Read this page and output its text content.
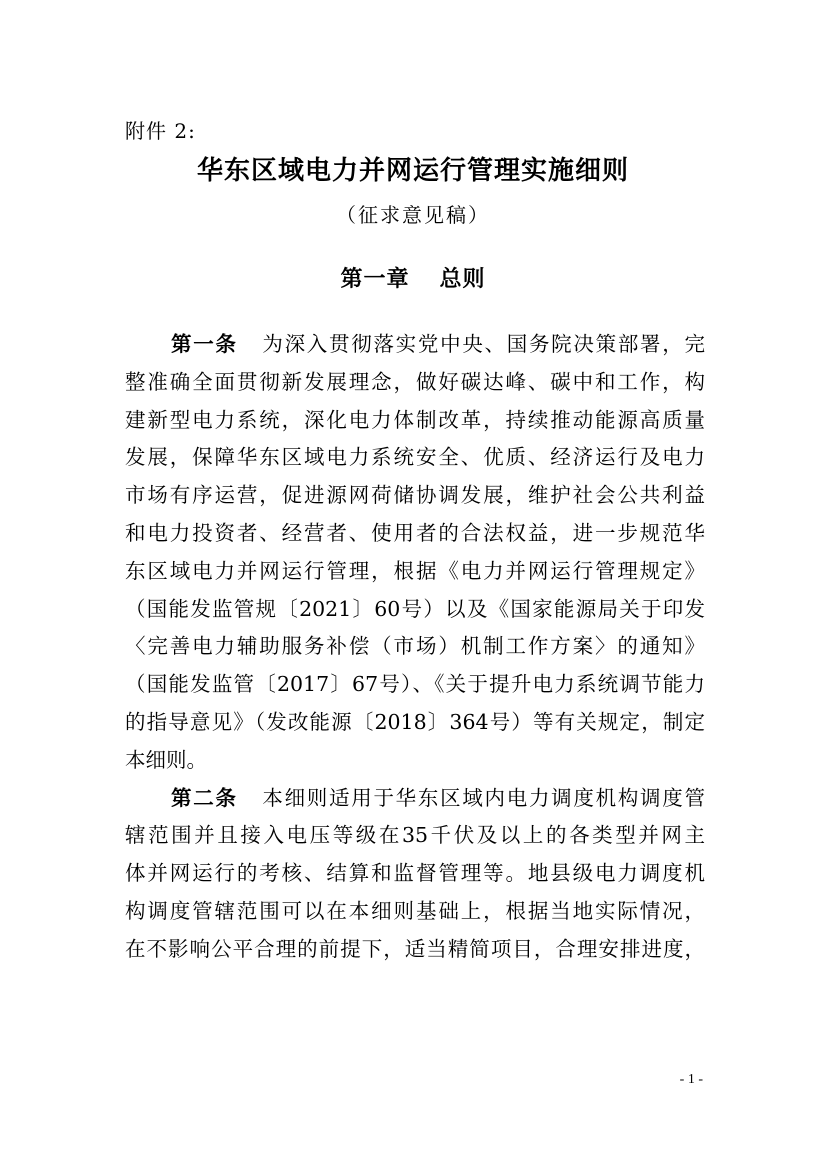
附件 2:
华东区域电力并网运行管理实施细则
（征求意见稿）
第一章 总则
第一条 为深入贯彻落实党中央、国务院决策部署，完
整准确全面贯彻新发展理念，做好碳达峰、碳中和工作，构
建新型电力系统，深化电力体制改革，持续推动能源高质量
发展，保障华东区域电力系统安全、优质、经济运行及电力
市场有序运营，促进源网荷储协调发展，维护社会公共利益
和电力投资者、经营者、使用者的合法权益，进一步规范华
东区域电力并网运行管理，根据《电力并网运行管理规定》
（国能发监管规〔2021〕60号）以及《国家能源局关于印发
〈完善电力辅助服务补偿（市场）机制工作方案〉的通知》
（国能发监管〔2017〕67号）、《关于提升电力系统调节能力
的指导意见》（发改能源〔2018〕364号）等有关规定，制定
本细则。
第二条 本细则适用于华东区域内电力调度机构调度管
辖范围并且接入电压等级在35千伏及以上的各类型并网主
体并网运行的考核、结算和监督管理等。地县级电力调度机
构调度管辖范围可以在本细则基础上，根据当地实际情况，
在不影响公平合理的前提下，适当精简项目，合理安排进度，
- 1 -
